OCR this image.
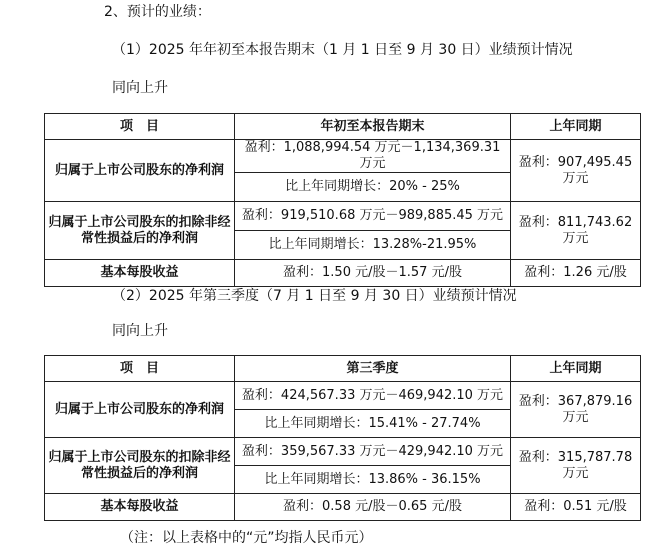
2、预计的业绩：
（1）2025 年年初至本报告期末（1 月 1 日至 9 月 30 日）业绩预计情况
同向上升
项　目	年初至本报告期末	上年同期
归属于上市公司股东的净利润	盈利：1,088,994.54 万元－1,134,369.31 万元	盈利：907,495.45 万元
	比上年同期增长：20% ‑ 25%	
归属于上市公司股东的扣除非经常性损益后的净利润	盈利：919,510.68 万元－989,885.45 万元	盈利：811,743.62 万元
	比上年同期增长：13.28%-21.95%	
基本每股收益	盈利：1.50 元/股－1.57 元/股	盈利：1.26 元/股
（2）2025 年第三季度（7 月 1 日至 9 月 30 日）业绩预计情况
同向上升
项　目	第三季度	上年同期
归属于上市公司股东的净利润	盈利：424,567.33 万元－469,942.10 万元	盈利：367,879.16 万元
	比上年同期增长：15.41% ‑ 27.74%	
归属于上市公司股东的扣除非经常性损益后的净利润	盈利：359,567.33 万元－429,942.10 万元	盈利：315,787.78 万元
	比上年同期增长：13.86% ‑ 36.15%	
基本每股收益	盈利：0.58 元/股－0.65 元/股	盈利：0.51 元/股
（注：以上表格中的“元”均指人民币元）
